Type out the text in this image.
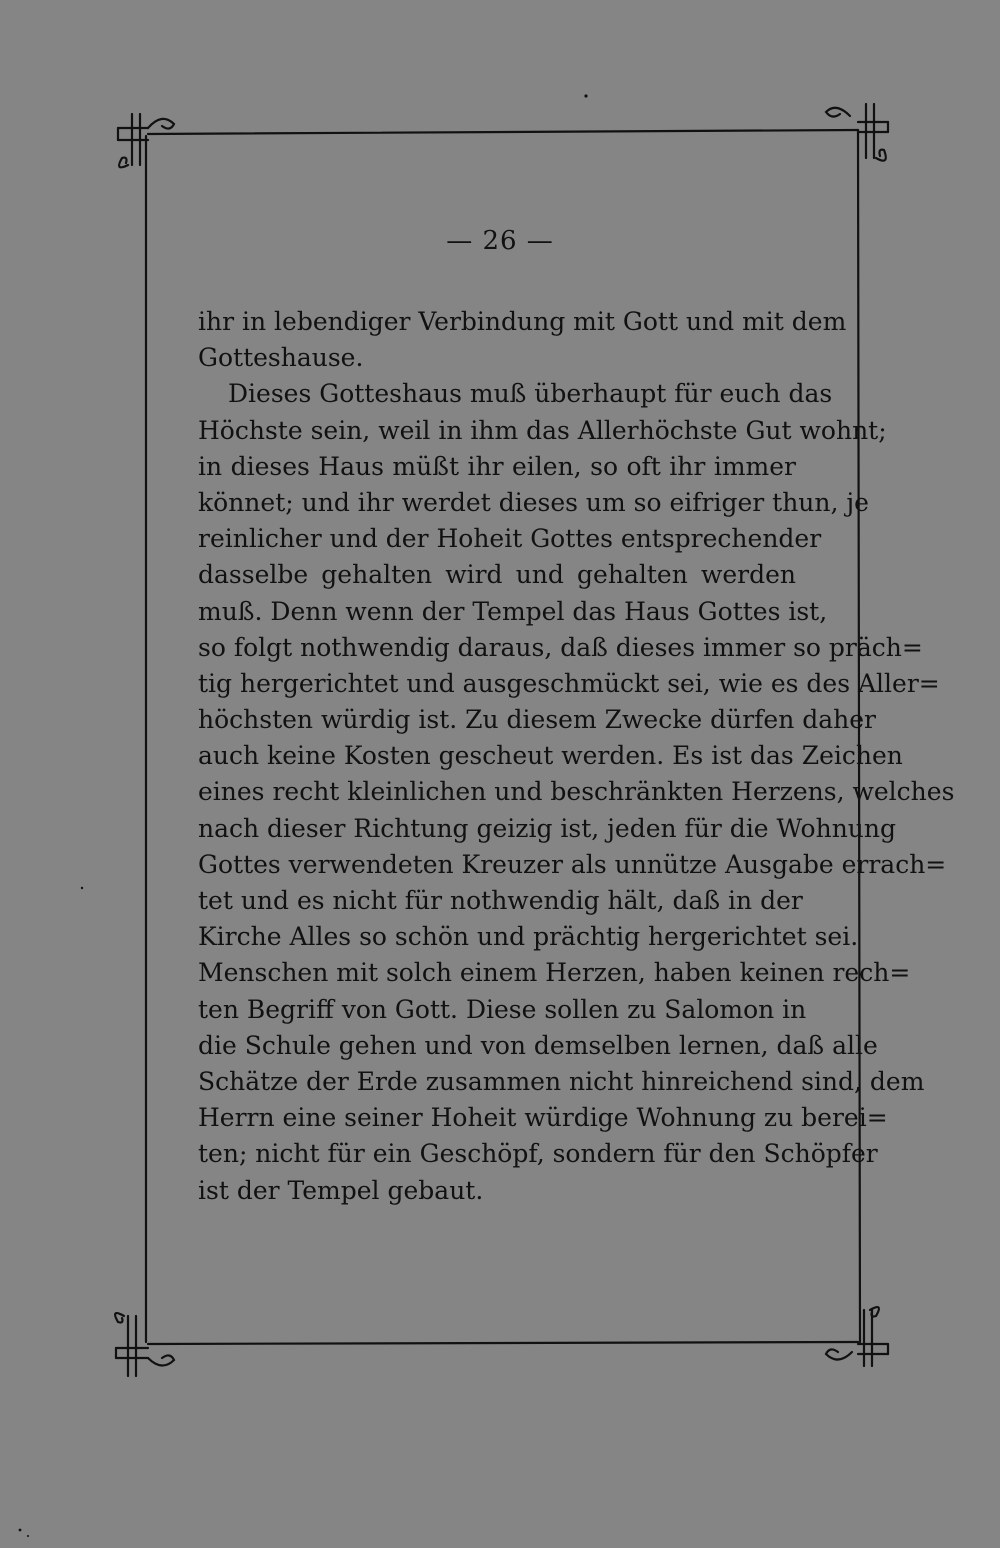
— 26 —
ihr in lebendiger Verbindung mit Gott und mit dem
Gotteshause.
Dieses Gotteshaus muß überhaupt für euch das
Höchste sein, weil in ihm das Allerhöchste Gut wohnt;
in dieses Haus müßt ihr eilen, so oft ihr immer
könnet; und ihr werdet dieses um so eifriger thun, je
reinlicher und der Hoheit Gottes entsprechender
dasselbe gehalten wird und gehalten werden
muß. Denn wenn der Tempel das Haus Gottes ist,
so folgt nothwendig daraus, daß dieses immer so präch=
tig hergerichtet und ausgeschmückt sei, wie es des Aller=
höchsten würdig ist. Zu diesem Zwecke dürfen daher
auch keine Kosten gescheut werden. Es ist das Zeichen
eines recht kleinlichen und beschränkten Herzens, welches
nach dieser Richtung geizig ist, jeden für die Wohnung
Gottes verwendeten Kreuzer als unnütze Ausgabe errach=
tet und es nicht für nothwendig hält, daß in der
Kirche Alles so schön und prächtig hergerichtet sei.
Menschen mit solch einem Herzen, haben keinen rech=
ten Begriff von Gott. Diese sollen zu Salomon in
die Schule gehen und von demselben lernen, daß alle
Schätze der Erde zusammen nicht hinreichend sind, dem
Herrn eine seiner Hoheit würdige Wohnung zu berei=
ten; nicht für ein Geschöpf, sondern für den Schöpfer
ist der Tempel gebaut.
